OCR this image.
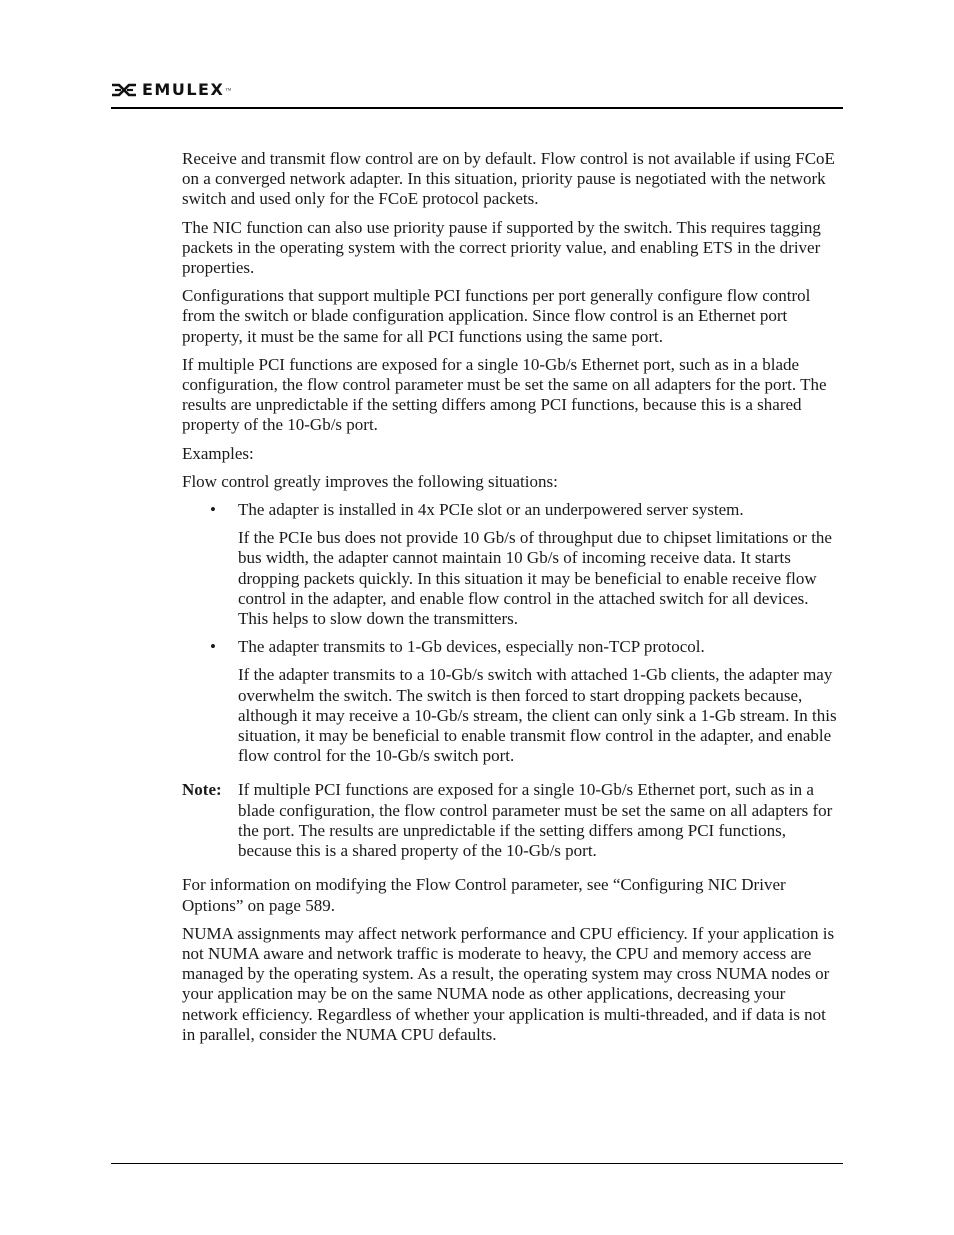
EMULEX ™

Receive and transmit flow control are on by default. Flow control is not available if using FCoE on a converged network adapter. In this situation, priority pause is negotiated with the network switch and used only for the FCoE protocol packets.

The NIC function can also use priority pause if supported by the switch. This requires tagging packets in the operating system with the correct priority value, and enabling ETS in the driver properties.

Configurations that support multiple PCI functions per port generally configure flow control from the switch or blade configuration application. Since flow control is an Ethernet port property, it must be the same for all PCI functions using the same port.

If multiple PCI functions are exposed for a single 10-Gb/s Ethernet port, such as in a blade configuration, the flow control parameter must be set the same on all adapters for the port. The results are unpredictable if the setting differs among PCI functions, because this is a shared property of the 10-Gb/s port.

Examples:

Flow control greatly improves the following situations:

• The adapter is installed in 4x PCIe slot or an underpowered server system.
If the PCIe bus does not provide 10 Gb/s of throughput due to chipset limitations or the bus width, the adapter cannot maintain 10 Gb/s of incoming receive data. It starts dropping packets quickly. In this situation it may be beneficial to enable receive flow control in the adapter, and enable flow control in the attached switch for all devices. This helps to slow down the transmitters.
• The adapter transmits to 1-Gb devices, especially non-TCP protocol.
If the adapter transmits to a 10-Gb/s switch with attached 1-Gb clients, the adapter may overwhelm the switch. The switch is then forced to start dropping packets because, although it may receive a 10-Gb/s stream, the client can only sink a 1-Gb stream. In this situation, it may be beneficial to enable transmit flow control in the adapter, and enable flow control for the 10-Gb/s switch port.
Note: If multiple PCI functions are exposed for a single 10-Gb/s Ethernet port, such as in a blade configuration, the flow control parameter must be set the same on all adapters for the port. The results are unpredictable if the setting differs among PCI functions, because this is a shared property of the 10-Gb/s port.

For information on modifying the Flow Control parameter, see “Configuring NIC Driver Options” on page 589.

NUMA assignments may affect network performance and CPU efficiency. If your application is not NUMA aware and network traffic is moderate to heavy, the CPU and memory access are managed by the operating system. As a result, the operating system may cross NUMA nodes or your application may be on the same NUMA node as other applications, decreasing your network efficiency. Regardless of whether your application is multi-threaded, and if data is not in parallel, consider the NUMA CPU defaults.
